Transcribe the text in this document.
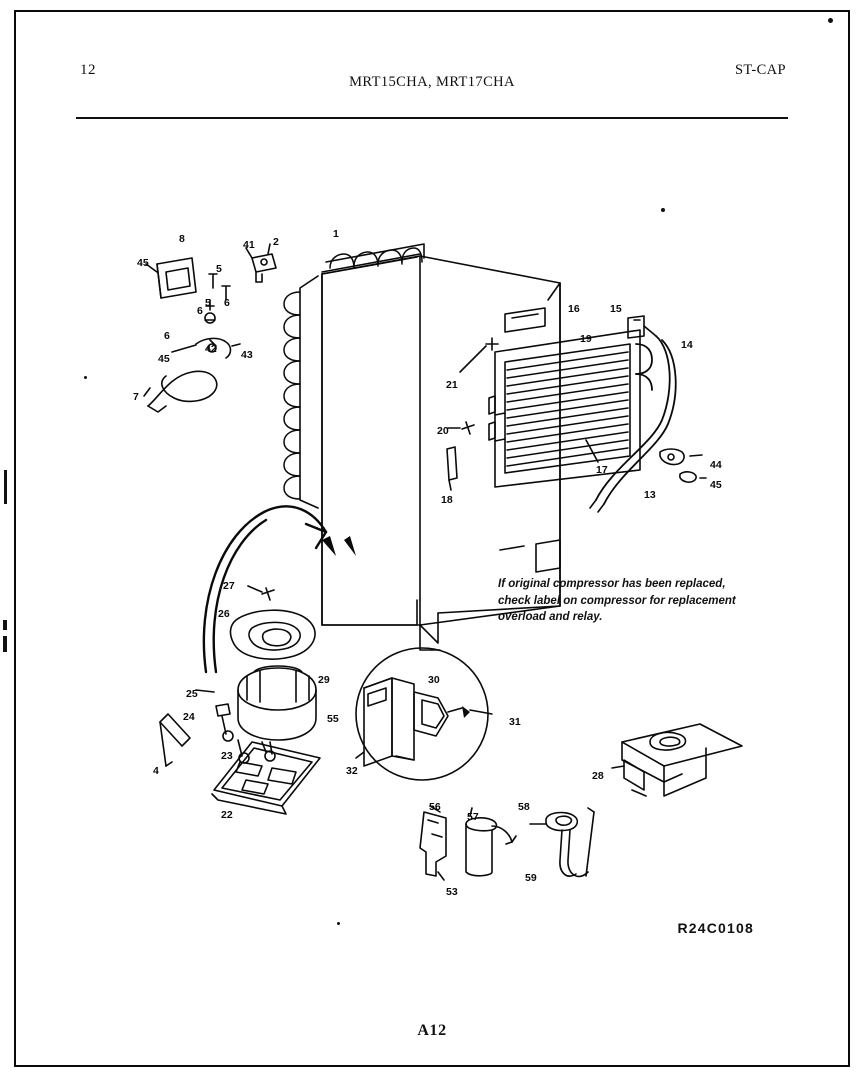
12
MRT15CHA, MRT17CHA
ST-CAP
45
8	41 2
1
5
5 6
6
6
42
45	43
7
16	15
14
19
21
20
18
17
13
44
45
27
26
25
24
29
23
4
22
30
55	31
32	28
56
57
58
53
59
If original compressor has been replaced, check label on compressor for replacement overload and relay.
R24C0108
A12
